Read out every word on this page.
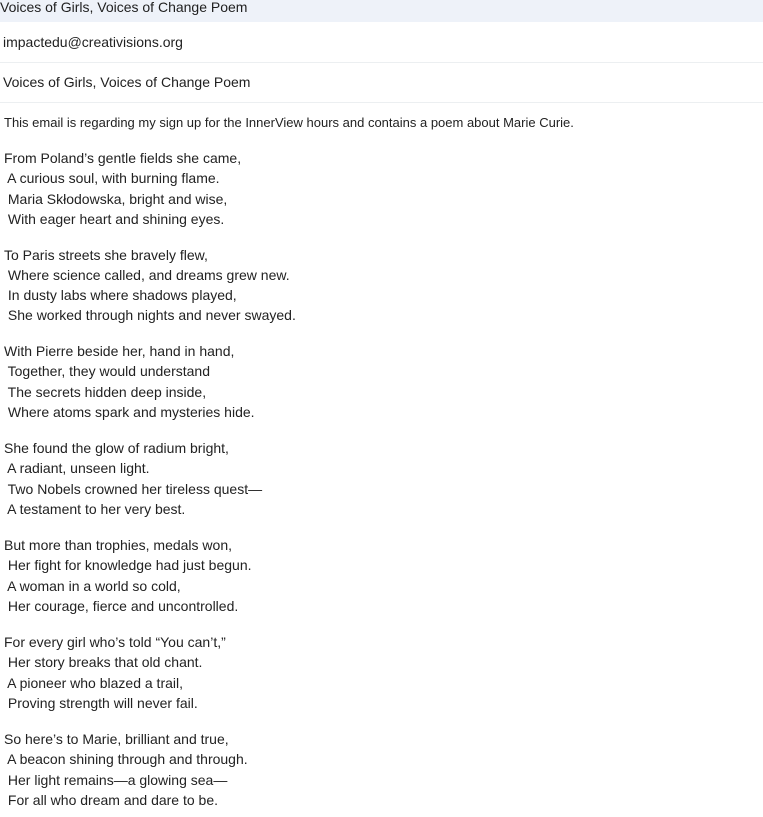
Voices of Girls, Voices of Change Poem
impactedu@creativisions.org
Voices of Girls, Voices of Change Poem
This email is regarding my sign up for the InnerView hours and contains a poem about Marie Curie.
From Poland’s gentle fields she came,
A curious soul, with burning flame.
Maria Skłodowska, bright and wise,
With eager heart and shining eyes.
To Paris streets she bravely flew,
Where science called, and dreams grew new.
In dusty labs where shadows played,
She worked through nights and never swayed.
With Pierre beside her, hand in hand,
Together, they would understand
The secrets hidden deep inside,
Where atoms spark and mysteries hide.
She found the glow of radium bright,
A radiant, unseen light.
Two Nobels crowned her tireless quest—
A testament to her very best.
But more than trophies, medals won,
Her fight for knowledge had just begun.
A woman in a world so cold,
Her courage, fierce and uncontrolled.
For every girl who’s told “You can’t,”
Her story breaks that old chant.
A pioneer who blazed a trail,
Proving strength will never fail.
So here’s to Marie, brilliant and true,
A beacon shining through and through.
Her light remains—a glowing sea—
For all who dream and dare to be.
